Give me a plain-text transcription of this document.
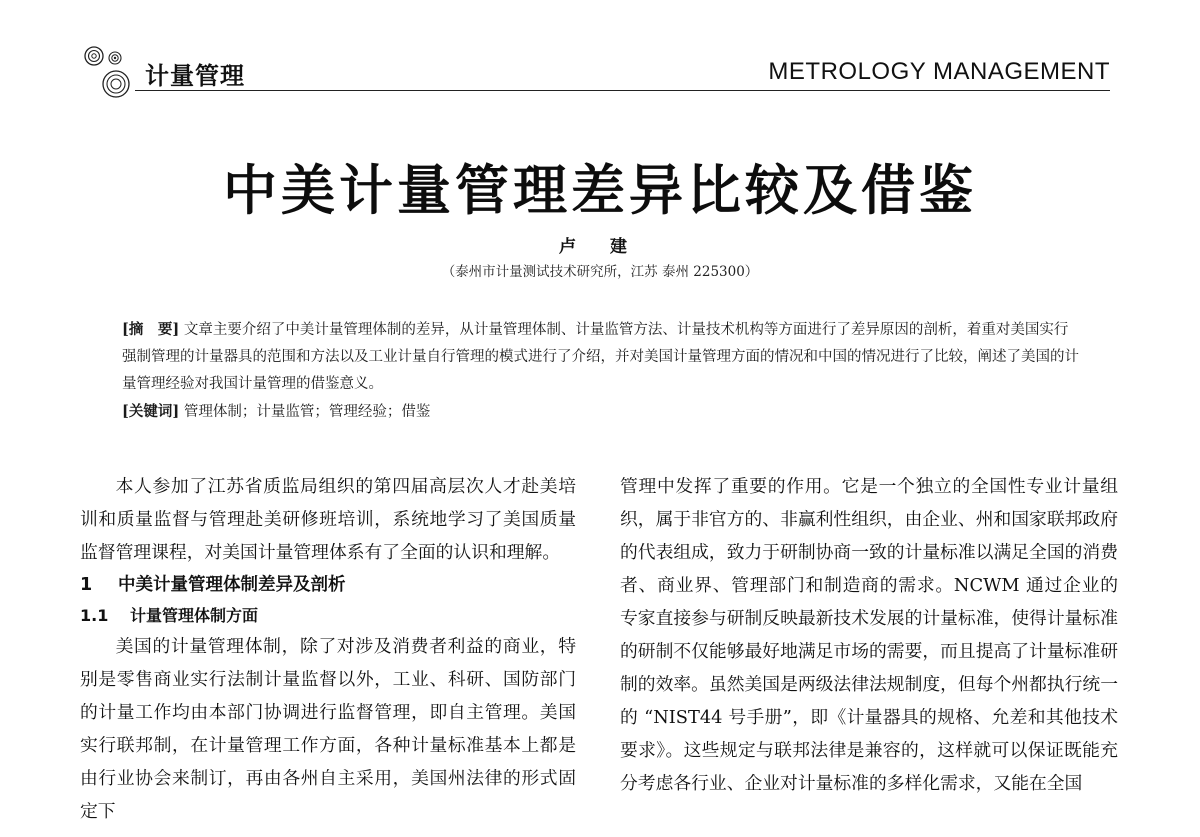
计量管理	METROLOGY MANAGEMENT
中美计量管理差异比较及借鉴
卢 建
（泰州市计量测试技术研究所，江苏 泰州 225300）
[摘　要] 文章主要介绍了中美计量管理体制的差异，从计量管理体制、计量监管方法、计量技术机构等方面进行了差异原因的剖析，着重对美国实行强制管理的计量器具的范围和方法以及工业计量自行管理的模式进行了介绍，并对美国计量管理方面的情况和中国的情况进行了比较，阐述了美国的计量管理经验对我国计量管理的借鉴意义。
[关键词] 管理体制；计量监管；管理经验；借鉴

本人参加了江苏省质监局组织的第四届高层次人才赴美培训和质量监督与管理赴美研修班培训，系统地学习了美国质量监督管理课程，对美国计量管理体系有了全面的认识和理解。

1 中美计量管理体制差异及剖析
1.1 计量管理体制方面

美国的计量管理体制，除了对涉及消费者利益的商业，特别是零售商业实行法制计量监督以外，工业、科研、国防部门的计量工作均由本部门协调进行监督管理，即自主管理。美国实行联邦制，在计量管理工作方面，各种计量标准基本上都是由行业协会来制订，再由各州自主采用，美国州法律的形式固定下

管理中发挥了重要的作用。它是一个独立的全国性专业计量组织，属于非官方的、非赢利性组织，由企业、州和国家联邦政府的代表组成，致力于研制协商一致的计量标准以满足全国的消费者、商业界、管理部门和制造商的需求。NCWM 通过企业的专家直接参与研制反映最新技术发展的计量标准，使得计量标准的研制不仅能够最好地满足市场的需要，而且提高了计量标准研制的效率。虽然美国是两级法律法规制度，但每个州都执行统一的 “NIST44 号手册”，即《计量器具的规格、允差和其他技术要求》。这些规定与联邦法律是兼容的，这样就可以保证既能充分考虑各行业、企业对计量标准的多样化需求，又能在全国
